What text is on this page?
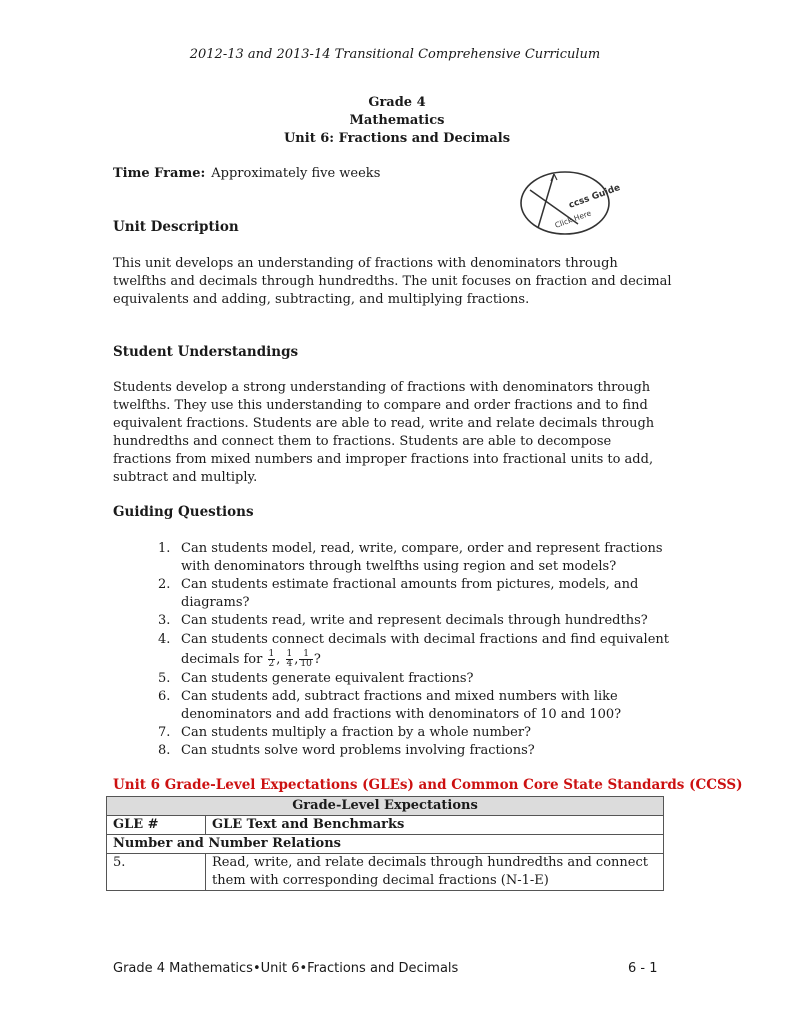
2012-13 and 2013-14 Transitional Comprehensive Curriculum
Grade 4
Mathematics
Unit 6: Fractions and Decimals
Time Frame: Approximately five weeks
ccss Guide
Click Here
Unit Description
This unit develops an understanding of fractions with denominators through twelfths and decimals through hundredths. The unit focuses on fraction and decimal equivalents and adding, subtracting, and multiplying fractions.
Student Understandings
Students develop a strong understanding of fractions with denominators through twelfths. They use this understanding to compare and order fractions and to find equivalent fractions. Students are able to read, write and relate decimals through hundredths and connect them to fractions. Students are able to decompose fractions from mixed numbers and improper fractions into fractional units to add, subtract and multiply.
Guiding Questions
1. Can students model, read, write, compare, order and represent fractions with denominators through twelfths using region and set models?
2. Can students estimate fractional amounts from pictures, models, and diagrams?
3. Can students read, write and represent decimals through hundredths?
4. Can students connect decimals with decimal fractions and find equivalent decimals for $\frac{1}{2}$ , $\frac{1}{4}$ , $\frac{1}{10}$ ?
5. Can students generate equivalent fractions?
6. Can students add, subtract fractions and mixed numbers with like denominators and add fractions with denominators of 10 and 100?
7. Can students multiply a fraction by a whole number?
8. Can studnts solve word problems involving fractions?
Unit 6 Grade-Level Expectations (GLEs) and Common Core State Standards (CCSS)
Grade-Level Expectations	
GLE #	GLE Text and Benchmarks
Number and Number Relations	
5.	Read, write, and relate decimals through hundredths and connect them with corresponding decimal fractions (N-1-E)
Grade 4 Mathematics•Unit 6•Fractions and Decimals	6 - 1
